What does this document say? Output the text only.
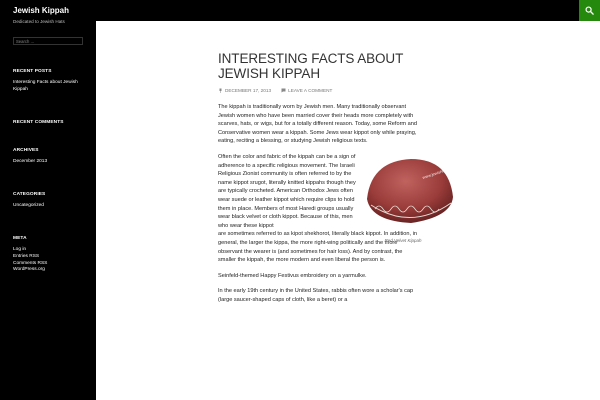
Jewish Kippah
Dedicated to Jewish Hats
Search …
RECENT POSTS
Interesting Facts about Jewish Kippah
RECENT COMMENTS
ARCHIVES
December 2013
CATEGORIES
Uncategorized
META
Log in
Entries RSS
Comments RSS
WordPress.org
INTERESTING FACTS ABOUT JEWISH KIPPAH
DECEMBER 17, 2013	LEAVE A COMMENT

The kippah is traditionally worn by Jewish men. Many traditionally observant Jewish women who have been married cover their heads more completely with scarves, hats, or wigs, but for a totally different reason. Today, some Reform and Conservative women wear a kippah. Some Jews wear kippot only while praying, eating, reciting a blessing, or studying Jewish religious texts.

Often the color and fabric of the kippah can be a sign of adherence to a specific religious movement. The Israeli Religious Zionist community is often referred to by the name kippot srugot, literally knitted kippahs though they are typically crocheted. American Orthodox Jews often wear suede or leather kippot which require clips to hold them in place. Members of most Haredi groups usually wear black velvet or cloth kippot. Because of this, men who wear these kippot

www.jewishkippah.com
Red Velvet Kippah

are sometimes referred to as kipot shekhorot, literally black kippot. In addition, in general, the larger the kippa, the more right-wing politically and the more observant the wearer is (and sometimes for hair loss). And by contrast, the smaller the kippah, the more modern and even liberal the person is.

Seinfeld-themed Happy Festivus embroidery on a yarmulke.

In the early 19th century in the United States, rabbis often wore a scholar's cap (large saucer-shaped caps of cloth, like a beret) or a
